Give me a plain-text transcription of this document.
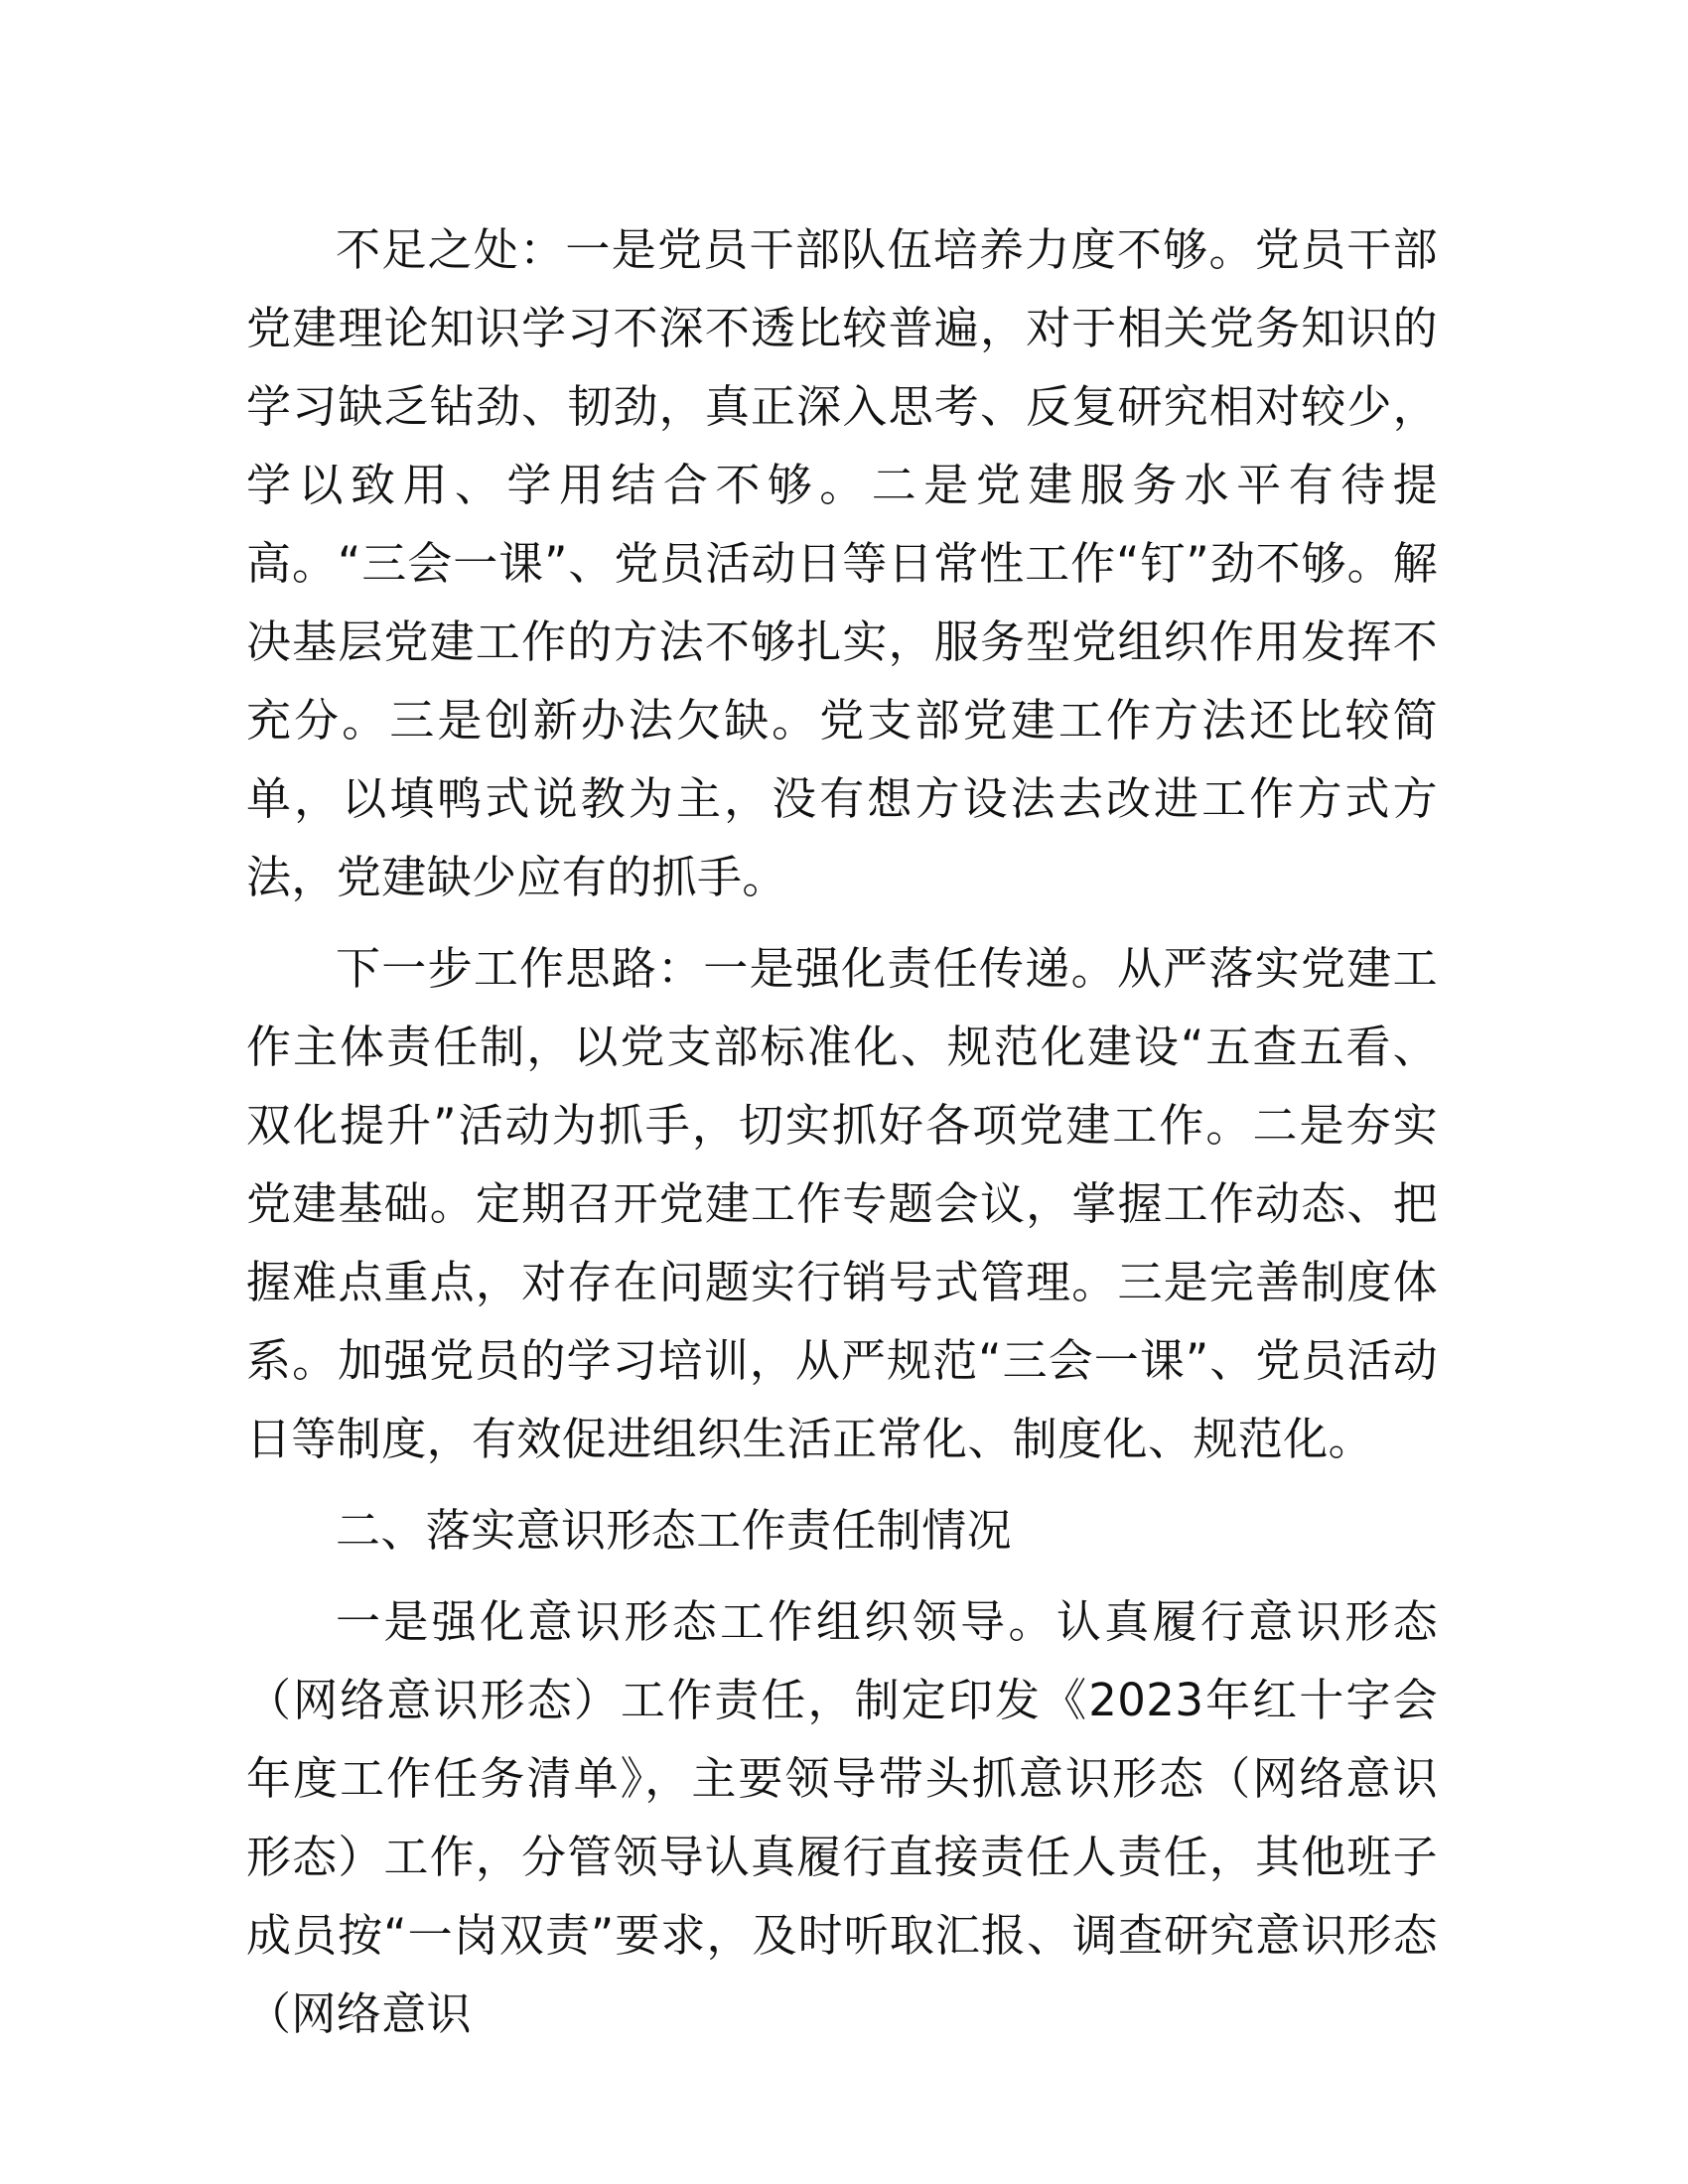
不足之处：一是党员干部队伍培养力度不够。党员干部党建理论知识学习不深不透比较普遍，对于相关党务知识的学习缺乏钻劲、韧劲，真正深入思考、反复研究相对较少，学以致用、学用结合不够。二是党建服务水平有待提高。“三会一课”、党员活动日等日常性工作“钉”劲不够。解决基层党建工作的方法不够扎实，服务型党组织作用发挥不充分。三是创新办法欠缺。党支部党建工作方法还比较简单，以填鸭式说教为主，没有想方设法去改进工作方式方法，党建缺少应有的抓手。

下一步工作思路：一是强化责任传递。从严落实党建工作主体责任制，以党支部标准化、规范化建设“五查五看、双化提升”活动为抓手，切实抓好各项党建工作。二是夯实党建基础。定期召开党建工作专题会议，掌握工作动态、把握难点重点，对存在问题实行销号式管理。三是完善制度体系。加强党员的学习培训，从严规范“三会一课”、党员活动日等制度，有效促进组织生活正常化、制度化、规范化。

二、落实意识形态工作责任制情况

一是强化意识形态工作组织领导。认真履行意识形态（网络意识形态）工作责任，制定印发《2023年红十字会年度工作任务清单》，主要领导带头抓意识形态（网络意识形态）工作，分管领导认真履行直接责任人责任，其他班子成员按“一岗双责”要求，及时听取汇报、调查研究意识形态（网络意识
